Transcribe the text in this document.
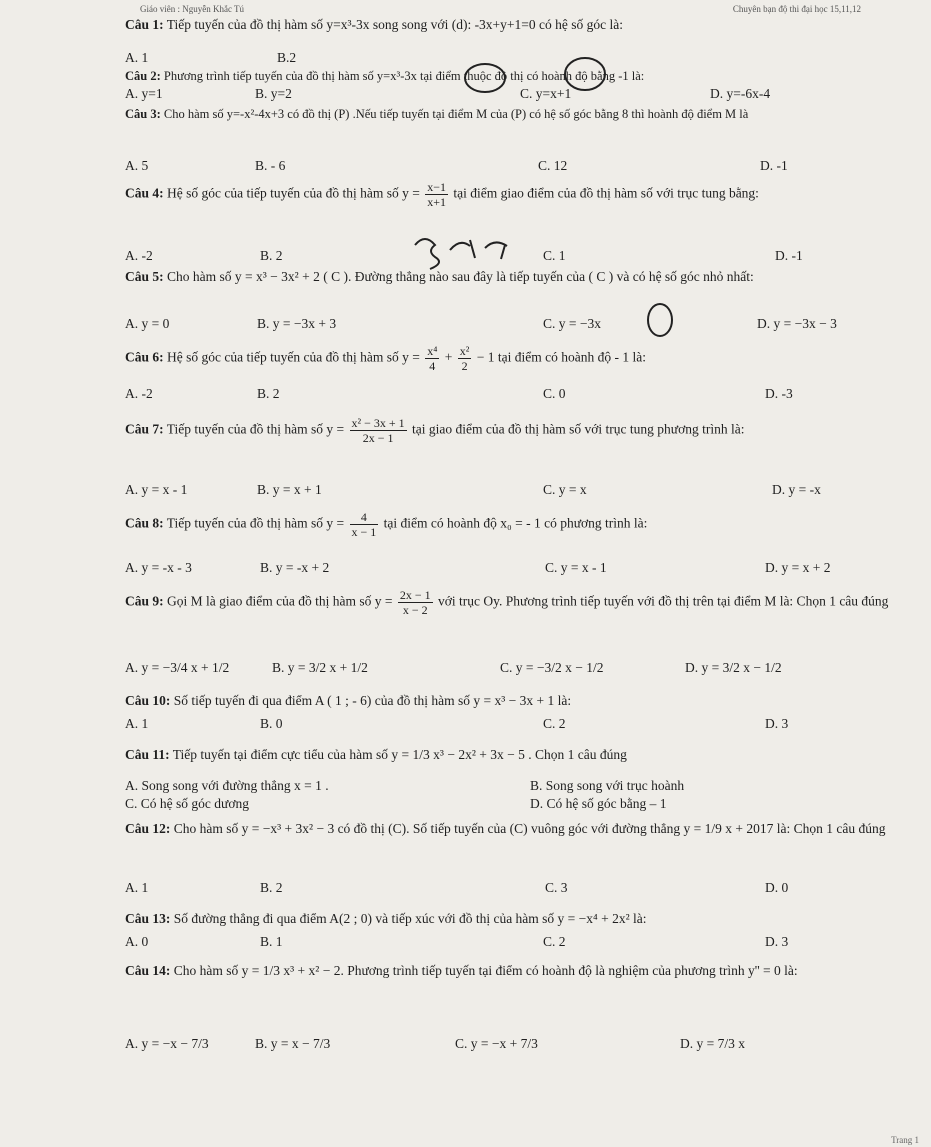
Giáo viên : Nguyễn Khắc Tú	Chuyên bạn độ thi đại học 15,11,12
Câu 1: Tiếp tuyến của đồ thị hàm số y=x³-3x song song với (d): -3x+y+1=0 có hệ số góc là:
A. 1	B.2
Câu 2: Phương trình tiếp tuyến của đồ thị hàm số y=x³-3x tại điểm thuộc đồ thị có hoành độ bằng -1 là:
A. y=1	B. y=2	C. y=x+1	D. y=-6x-4
Câu 3: Cho hàm số y=-x²-4x+3 có đồ thị (P) .Nếu tiếp tuyến tại điểm M của (P) có hệ số góc bằng 8 thì hoành độ điểm M là
A. 5	B. - 6	C. 12	D. -1
Câu 4: Hệ số góc của tiếp tuyến của đồ thị hàm số $y = \frac{x-1}{x+1}$ tại điểm giao điểm của đồ thị hàm số với trục tung bằng:
A. -2	B. 2	C. 1	D. -1
Câu 5: Cho hàm số y = x³ − 3x² + 2 ( C ). Đường thẳng nào sau đây là tiếp tuyến của ( C ) và có hệ số góc nhỏ nhất:
A. y = 0	B. y = −3x + 3	C. y = −3x	D. y = −3x − 3
Câu 6: Hệ số góc của tiếp tuyến của đồ thị hàm số $y = \frac{\text{x⁴}}{4} + \frac{\text{x²}}{2} - 1$ tại điểm có hoành độ - 1 là:
A. -2	B. 2	C. 0	D. -3
Câu 7: Tiếp tuyến của đồ thị hàm số $y = \frac{\text{x² − 3x + 1}}{2x - 1}$ tại giao điểm của đồ thị hàm số với trục tung phương trình là:
A. y = x - 1	B. y = x + 1	C. y = x	D. y = -x
Câu 8: Tiếp tuyến của đồ thị hàm số $y = \frac{4}{x - 1}$ tại điểm có hoành độ x₀ = - 1 có phương trình là:
A. y = -x - 3	B. y = -x + 2	C. y = x - 1	D. y = x + 2
Câu 9: Gọi M là giao điểm của đồ thị hàm số $y = \frac{2x - 1}{x - 2}$ với trục Oy. Phương trình tiếp tuyến với đồ thị trên tại điểm M là: Chọn 1 câu đúng
A. y = −3/4 x + 1/2	B. y = 3/2 x + 1/2	C. y = −3/2 x − 1/2	D. y = 3/2 x − 1/2
Câu 10: Số tiếp tuyến đi qua điểm A ( 1 ; - 6) của đồ thị hàm số y = x³ − 3x + 1 là:
A. 1	B. 0	C. 2	D. 3
Câu 11: Tiếp tuyến tại điểm cực tiểu của hàm số y = 1/3 x³ − 2x² + 3x − 5 . Chọn 1 câu đúng
A. Song song với đường thẳng x = 1 .	B. Song song với trục hoành
C. Có hệ số góc dương	D. Có hệ số góc bằng – 1
Câu 12: Cho hàm số y = −x³ + 3x² − 3 có đồ thị (C). Số tiếp tuyến của (C) vuông góc với đường thẳng y = 1/9 x + 2017 là: Chọn 1 câu đúng
A. 1	B. 2	C. 3	D. 0
Câu 13: Số đường thẳng đi qua điểm A(2 ; 0) và tiếp xúc với đồ thị của hàm số y = −x⁴ + 2x² là:
A. 0	B. 1	C. 2	D. 3
Câu 14: Cho hàm số y = 1/3 x³ + x² − 2. Phương trình tiếp tuyến tại điểm có hoành độ là nghiệm của phương trình y'' = 0 là:
A. y = −x − 7/3	B. y = x − 7/3	C. y = −x + 7/3	D. y = 7/3 x
Trang 1
